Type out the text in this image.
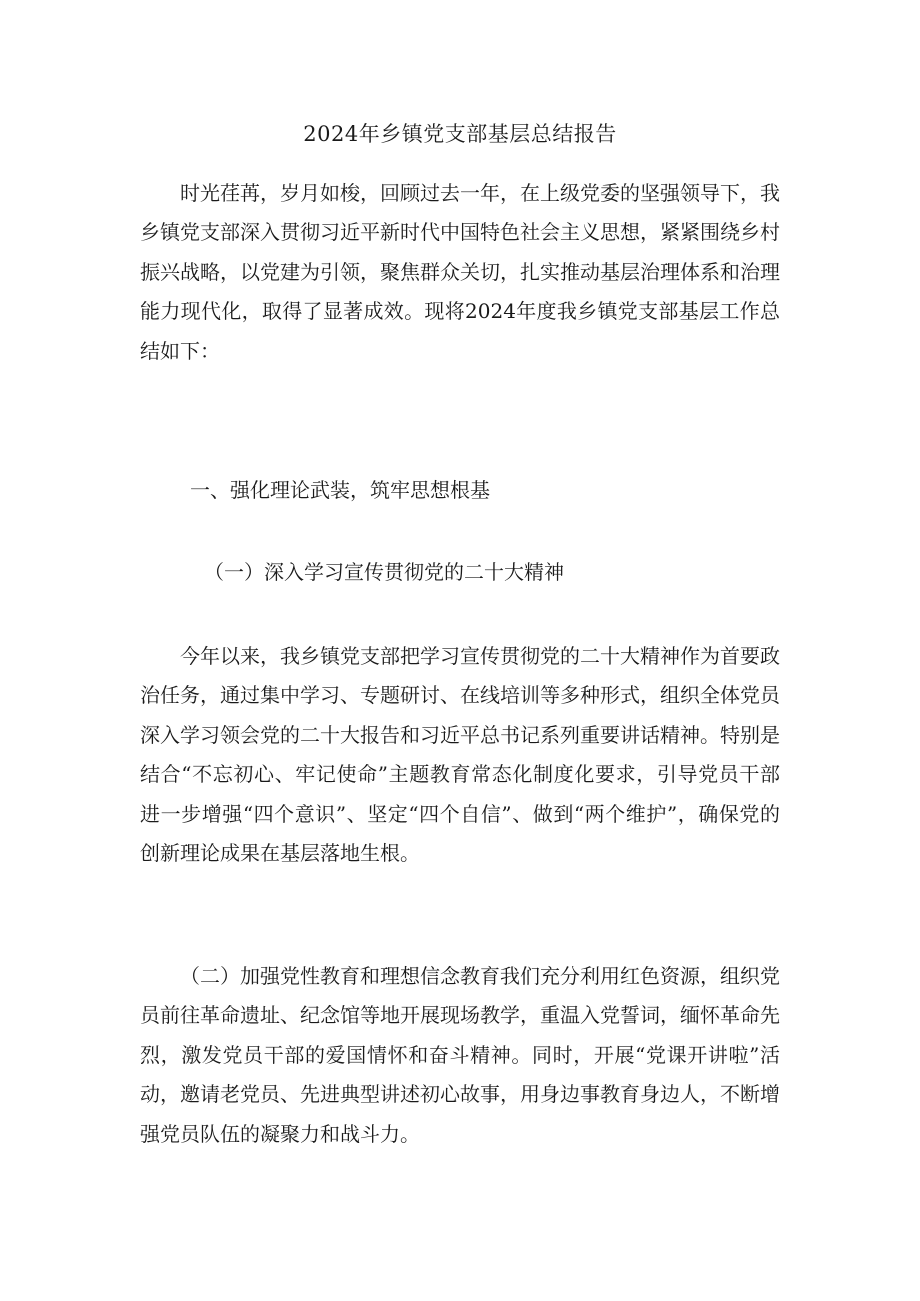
2024年乡镇党支部基层总结报告

时光荏苒，岁月如梭，回顾过去一年，在上级党委的坚强领导下，我乡镇党支部深入贯彻习近平新时代中国特色社会主义思想，紧紧围绕乡村振兴战略，以党建为引领，聚焦群众关切，扎实推动基层治理体系和治理能力现代化，取得了显著成效。现将2024年度我乡镇党支部基层工作总结如下：

一、强化理论武装，筑牢思想根基

（一）深入学习宣传贯彻党的二十大精神

今年以来，我乡镇党支部把学习宣传贯彻党的二十大精神作为首要政治任务，通过集中学习、专题研讨、在线培训等多种形式，组织全体党员深入学习领会党的二十大报告和习近平总书记系列重要讲话精神。特别是结合“不忘初心、牢记使命”主题教育常态化制度化要求，引导党员干部进一步增强“四个意识”、坚定“四个自信”、做到“两个维护”，确保党的创新理论成果在基层落地生根。

（二）加强党性教育和理想信念教育我们充分利用红色资源，组织党员前往革命遗址、纪念馆等地开展现场教学，重温入党誓词，缅怀革命先烈，激发党员干部的爱国情怀和奋斗精神。同时，开展“党课开讲啦”活动，邀请老党员、先进典型讲述初心故事，用身边事教育身边人，不断增强党员队伍的凝聚力和战斗力。
